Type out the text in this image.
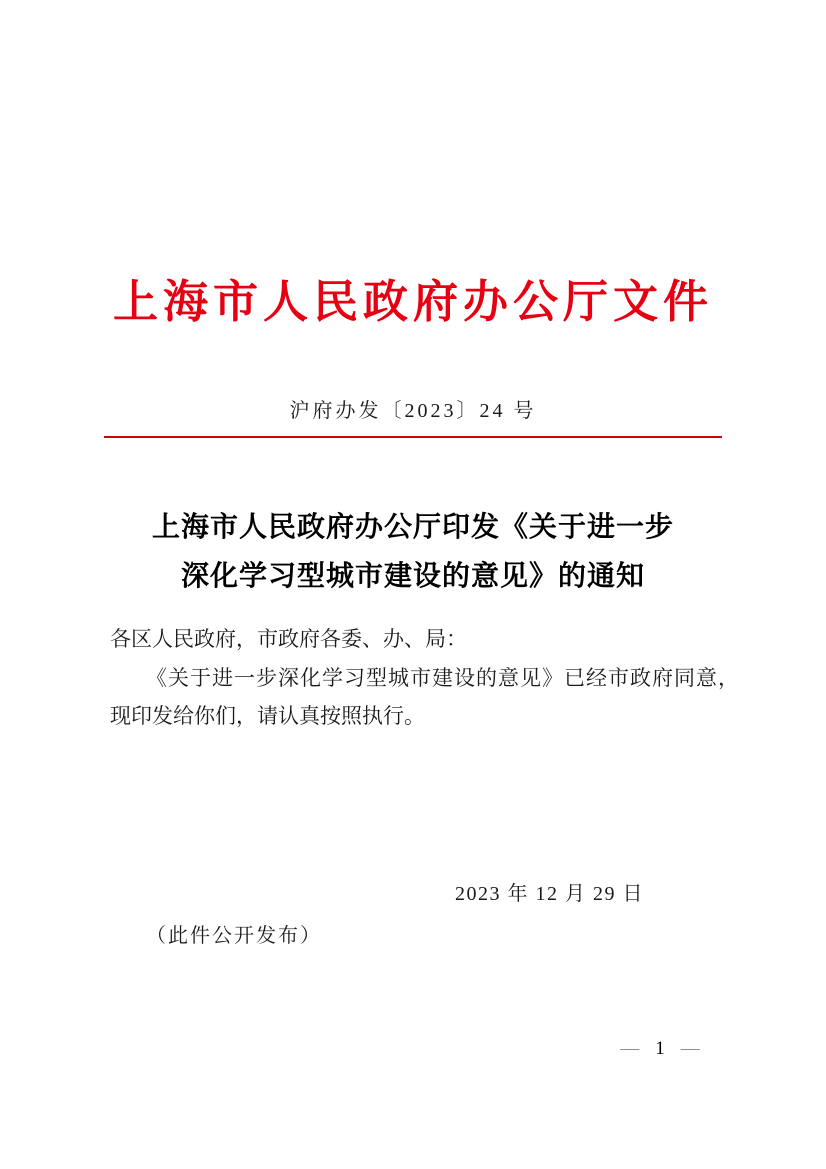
上海市人民政府办公厅文件
沪府办发〔2023〕24 号
上海市人民政府办公厅印发《关于进一步
深化学习型城市建设的意见》的通知
各区人民政府，市政府各委、办、局：
《关于进一步深化学习型城市建设的意见》已经市政府同意，
现印发给你们，请认真按照执行。
2023 年 12 月 29 日
（此件公开发布）
— 1 —
